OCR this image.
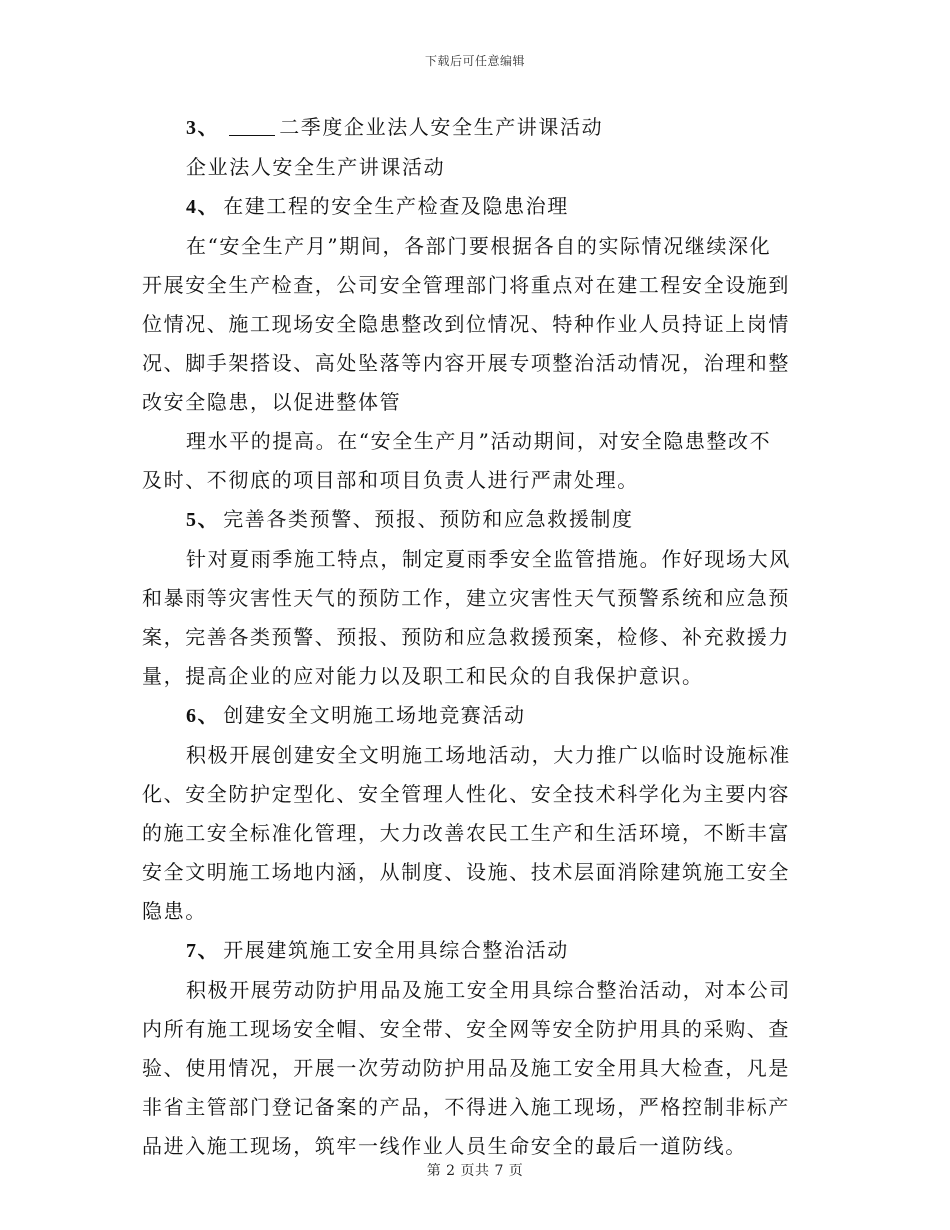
下载后可任意编辑
3、	二季度企业法人安全生产讲课活动
企业法人安全生产讲课活动
4、 在建工程的安全生产检查及隐患治理
在“安全生产月”期间，各部门要根据各自的实际情况继续深化
开展安全生产检查，公司安全管理部门将重点对在建工程安全设施到
位情况、施工现场安全隐患整改到位情况、特种作业人员持证上岗情
况、脚手架搭设、高处坠落等内容开展专项整治活动情况，治理和整
改安全隐患，以促进整体管
理水平的提高。在“安全生产月”活动期间，对安全隐患整改不
及时、不彻底的项目部和项目负责人进行严肃处理。
5、 完善各类预警、预报、预防和应急救援制度
针对夏雨季施工特点，制定夏雨季安全监管措施。作好现场大风
和暴雨等灾害性天气的预防工作，建立灾害性天气预警系统和应急预
案，完善各类预警、预报、预防和应急救援预案，检修、补充救援力
量，提高企业的应对能力以及职工和民众的自我保护意识。
6、 创建安全文明施工场地竞赛活动
积极开展创建安全文明施工场地活动，大力推广以临时设施标准
化、安全防护定型化、安全管理人性化、安全技术科学化为主要内容
的施工安全标准化管理，大力改善农民工生产和生活环境，不断丰富
安全文明施工场地内涵，从制度、设施、技术层面消除建筑施工安全
隐患。
7、 开展建筑施工安全用具综合整治活动
积极开展劳动防护用品及施工安全用具综合整治活动，对本公司
内所有施工现场安全帽、安全带、安全网等安全防护用具的采购、查
验、使用情况，开展一次劳动防护用品及施工安全用具大检查，凡是
非省主管部门登记备案的产品，不得进入施工现场，严格控制非标产
品进入施工现场，筑牢一线作业人员生命安全的最后一道防线。
第 2 页共 7 页
